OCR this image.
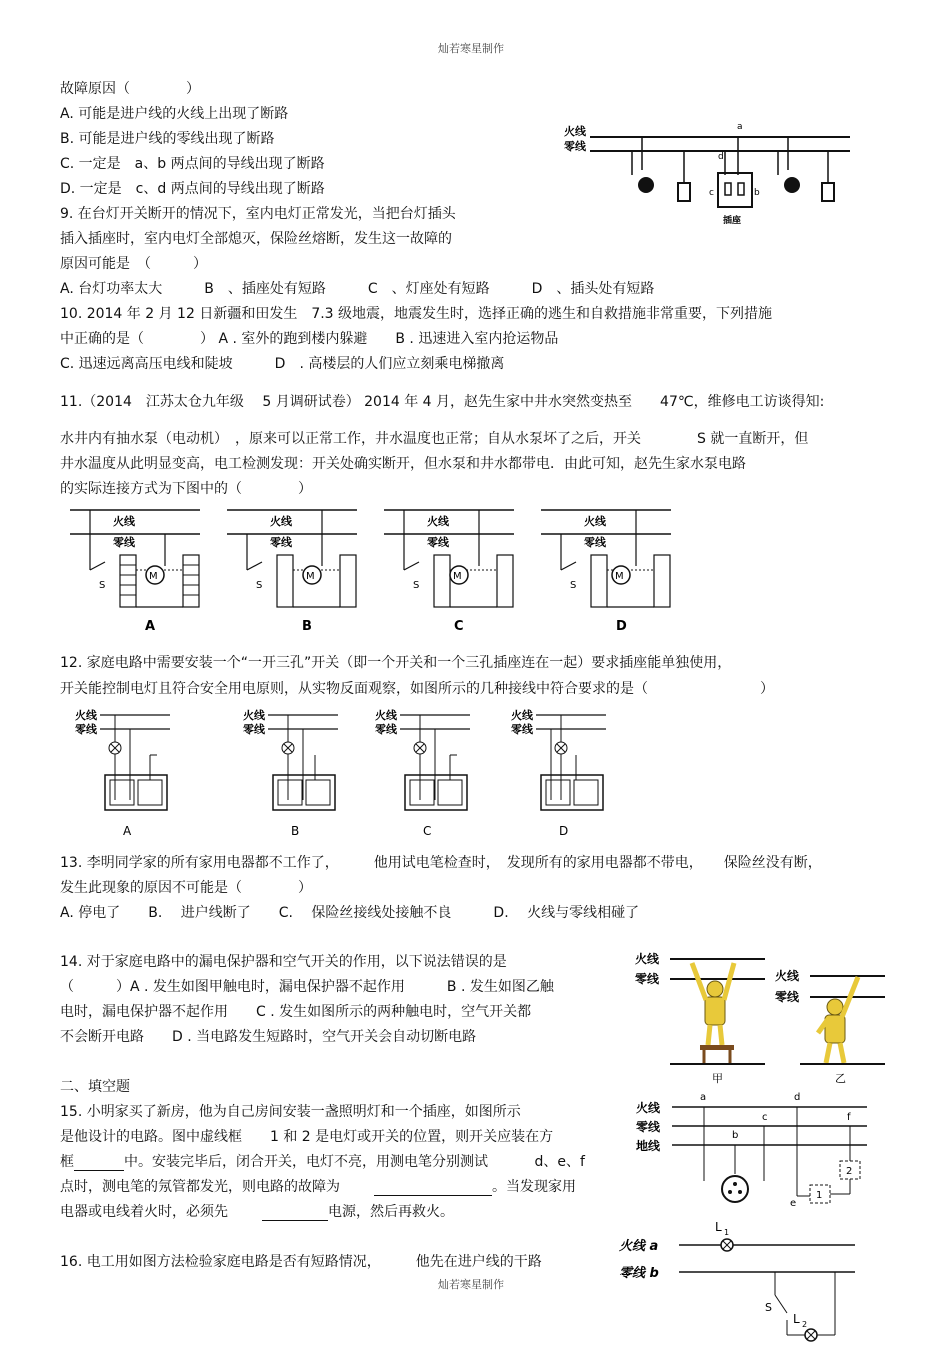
灿若寒星制作
灿若寒星制作
故障原因（　　　　）
A. 可能是进户线的火线上出现了断路
B. 可能是进户线的零线出现了断路
C. 一定是　a、b 两点间的导线出现了断路
D. 一定是　c、d 两点间的导线出现了断路
火线
零线
a
d
c	b
插座
9. 在台灯开关断开的情况下，室内电灯正常发光，当把台灯插头
插入插座时，室内电灯全部熄灭，保险丝熔断，发生这一故障的
原因可能是　（　　　）
A. 台灯功率太大　　　B　、插座处有短路　　　C　、灯座处有短路　　　D　、插头处有短路
10. 2014 年 2 月 12 日新疆和田发生　7.3 级地震，地震发生时，选择正确的逃生和自救措施非常重要，下列措施
中正确的是（　　　　） A . 室外的跑到楼内躲避　　B . 迅速进入室内抢运物品
C. 迅速远离高压电线和陡坡　　　D　. 高楼层的人们应立刻乘电梯撤离
11.（2014　江苏太仓九年级　 5 月调研试卷） 2014 年 4 月，赵先生家中井水突然变热至　　47℃，维修电工访谈得知:
水井内有抽水泵（电动机）　，原来可以正常工作，井水温度也正常；自从水泵坏了之后，开关　　　　S 就一直断开，但
井水温度从此明显变高，电工检测发现：开关处确实断开，但水泵和井水都带电．由此可知，赵先生家水泵电路
的实际连接方式为下图中的（　　　　）
火线
零线
S
M
A
火线
零线
S
M
B
火线
零线
S
M
C
火线
零线
S
M
D
12. 家庭电路中需要安装一个“一开三孔”开关（即一个开关和一个三孔插座连在一起）要求插座能单独使用，
开关能控制电灯且符合安全用电原则，从实物反面观察，如图所示的几种接线中符合要求的是（　　　　　　　　）
火线
零线
A
火线
零线
B
火线
零线
C
火线
零线
D
13. 李明同学家的所有家用电器都不工作了，　　　他用试电笔检查时，　发现所有的家用电器都不带电，　　保险丝没有断，
发生此现象的原因不可能是（　　　　）
A. 停电了　　B.　 进户线断了　　C.　 保险丝接线处接触不良　　　D.　 火线与零线相碰了
14. 对于家庭电路中的漏电保护器和空气开关的作用，以下说法错误的是
（　　　）A . 发生如图甲触电时，漏电保护器不起作用　　　B . 发生如图乙触
电时，漏电保护器不起作用　　C . 发生如图所示的两种触电时，空气开关都
不会断开电路　　D . 当电路发生短路时，空气开关会自动切断电路
火线
零线
甲
火线
零线
乙
二、填空题
15. 小明家买了新房，他为自己房间安装一盏照明灯和一个插座，如图所示
是他设计的电路。图中虚线框　　1 和 2 是电灯或开关的位置，则开关应装在方
框	中。安装完毕后，闭合开关，电灯不亮，用测电笔分别测试　　　 d、e、f
点时，测电笔的氖管都发光，则电路的故障为	。当发现家用
电器或电线着火时，必须先	电源，然后再救火。
火线
零线
地线
a	d
c	f
b
2
1
e
16. 电工用如图方法检验家庭电路是否有短路情况，　　　他先在进户线的干路
火线 a
零线 b
L 1
S
L 2
